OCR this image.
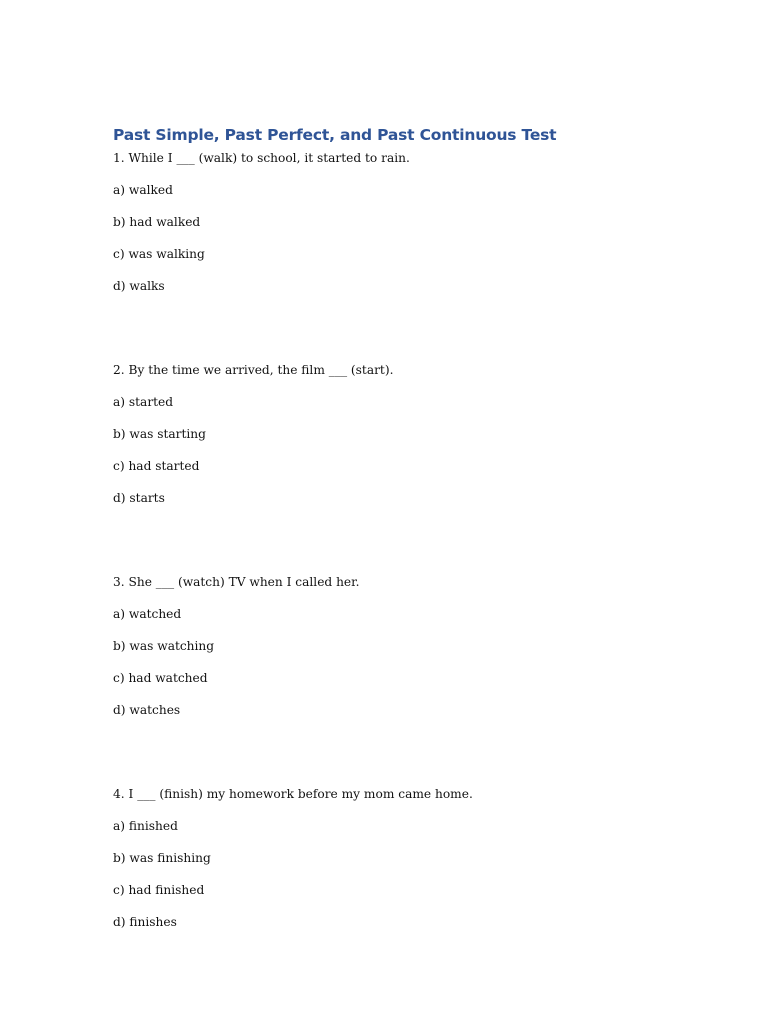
Past Simple, Past Perfect, and Past Continuous Test
1. While I ___ (walk) to school, it started to rain.
a) walked
b) had walked
c) was walking
d) walks
2. By the time we arrived, the film ___ (start).
a) started
b) was starting
c) had started
d) starts
3. She ___ (watch) TV when I called her.
a) watched
b) was watching
c) had watched
d) watches
4. I ___ (finish) my homework before my mom came home.
a) finished
b) was finishing
c) had finished
d) finishes
